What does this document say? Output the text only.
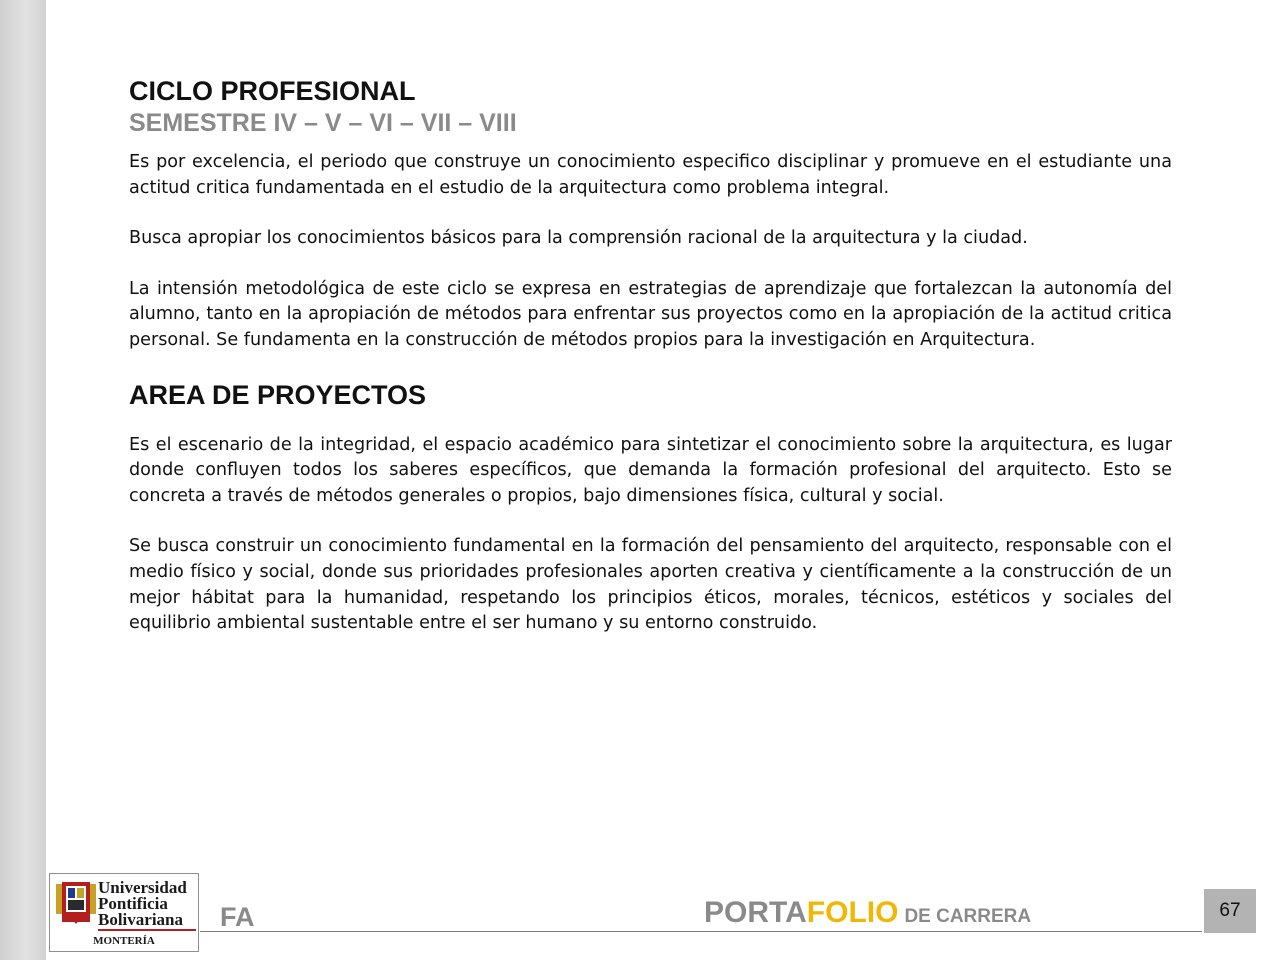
CICLO PROFESIONAL
SEMESTRE IV – V – VI – VII – VIII

Es por excelencia, el periodo que construye un conocimiento especifico disciplinar y promueve en el estudiante una actitud critica fundamentada en el estudio de la arquitectura como problema integral.

Busca apropiar los conocimientos básicos para la comprensión racional de la arquitectura y la ciudad.

La intensión metodológica de este ciclo se expresa en estrategias de aprendizaje que fortalezcan la autonomía del alumno, tanto en la apropiación de métodos para enfrentar sus proyectos como en la apropiación de la actitud critica personal. Se fundamenta en la construcción de métodos propios para la investigación en Arquitectura.

AREA DE PROYECTOS

Es el escenario de la integridad, el espacio académico para sintetizar el conocimiento sobre la arquitectura, es lugar donde confluyen todos los saberes específicos, que demanda la formación profesional del arquitecto. Esto se concreta a través de métodos generales o propios, bajo dimensiones física, cultural y social.

Se busca construir un conocimiento fundamental en la formación del pensamiento del arquitecto, responsable con el medio físico y social, donde sus prioridades profesionales aporten creativa y científicamente a la construcción de un mejor hábitat para la humanidad, respetando los principios éticos, morales, técnicos, estéticos y sociales del equilibrio ambiental sustentable entre el ser humano y su entorno construido.

Universidad
Pontificia
Bolivariana
MONTERÍA
FA	PORTAFOLIO DE CARRERA	67
